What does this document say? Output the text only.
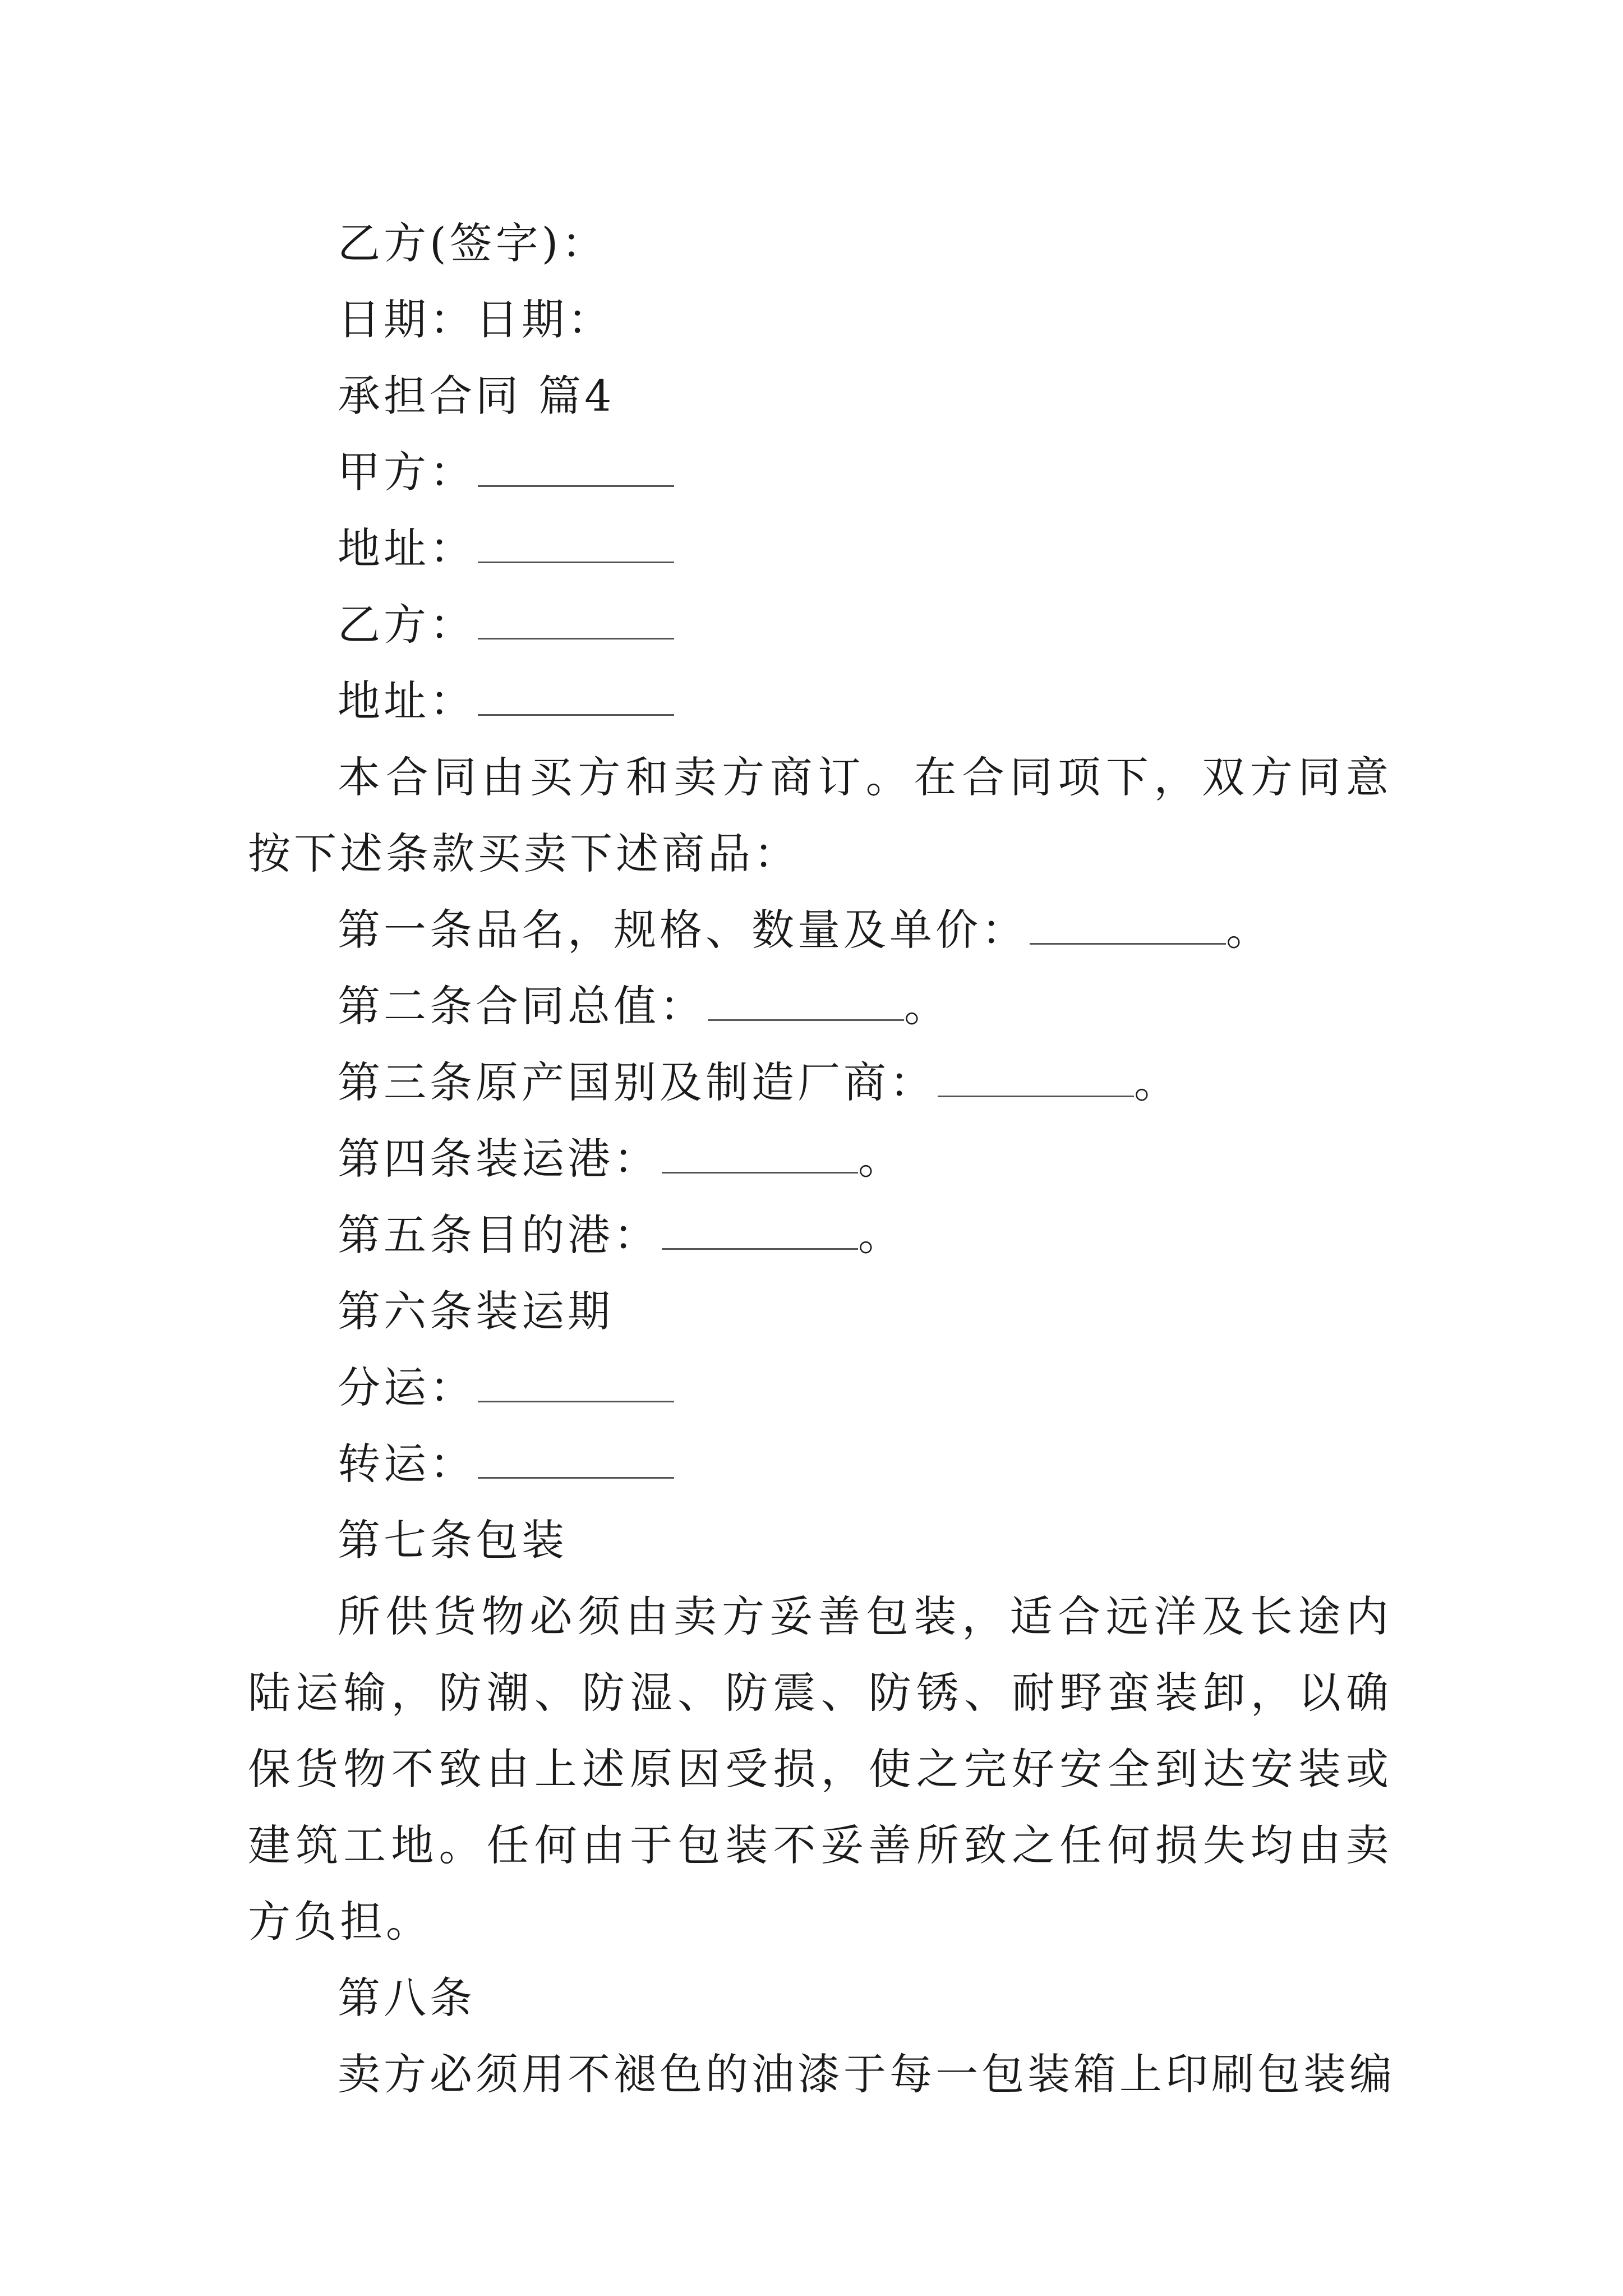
乙方(签字)：

日期：日期：

承担合同 篇4

甲方：

地址：

乙方：

地址：

本合同由买方和卖方商订。在合同项下，双方同意按下述条款买卖下述商品：

第一条品名，规格、数量及单价：	。

第二条合同总值：	。

第三条原产国别及制造厂商：	。

第四条装运港：	。

第五条目的港：	。

第六条装运期

分运：

转运：

第七条包装

所供货物必须由卖方妥善包装，适合远洋及长途内陆运输，防潮、防湿、防震、防锈、耐野蛮装卸，以确保货物不致由上述原因受损，使之完好安全到达安装或建筑工地。任何由于包装不妥善所致之任何损失均由卖方负担。

第八条

卖方必须用不褪色的油漆于每一包装箱上印刷包装编
